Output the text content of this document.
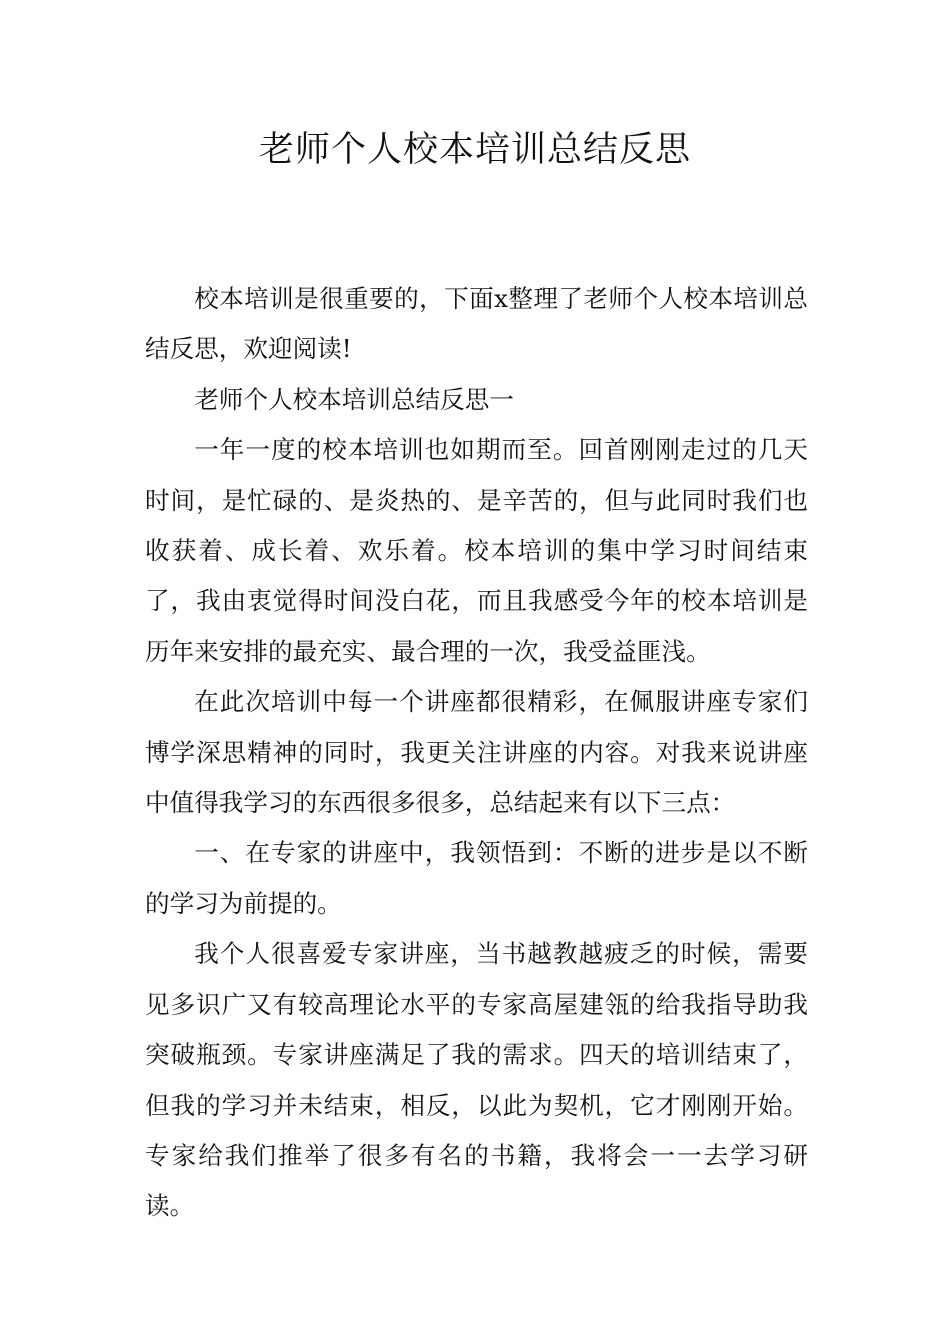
老师个人校本培训总结反思

校本培训是很重要的，下面x整理了老师个人校本培训总结反思，欢迎阅读!

老师个人校本培训总结反思一

一年一度的校本培训也如期而至。回首刚刚走过的几天时间，是忙碌的、是炎热的、是辛苦的，但与此同时我们也收获着、成长着、欢乐着。校本培训的集中学习时间结束了，我由衷觉得时间没白花，而且我感受今年的校本培训是历年来安排的最充实、最合理的一次，我受益匪浅。

在此次培训中每一个讲座都很精彩，在佩服讲座专家们博学深思精神的同时，我更关注讲座的内容。对我来说讲座中值得我学习的东西很多很多，总结起来有以下三点：

一、在专家的讲座中，我领悟到：不断的进步是以不断的学习为前提的。

我个人很喜爱专家讲座，当书越教越疲乏的时候，需要见多识广又有较高理论水平的专家高屋建瓴的给我指导助我突破瓶颈。专家讲座满足了我的需求。四天的培训结束了，但我的学习并未结束，相反，以此为契机，它才刚刚开始。专家给我们推举了很多有名的书籍，我将会一一去学习研读。
